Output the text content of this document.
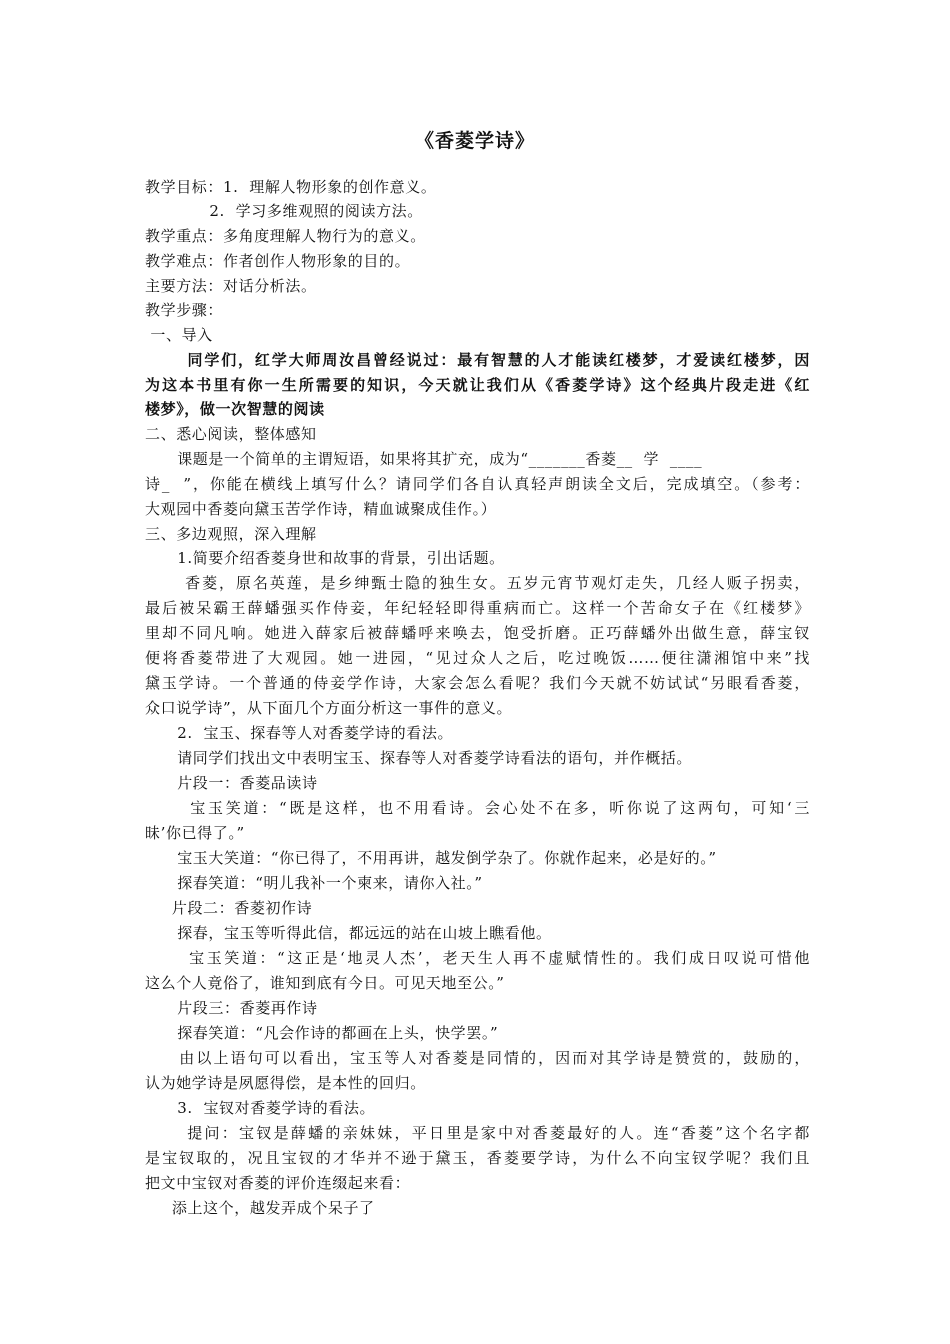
《香菱学诗》
教学目标：1.  理解人物形象的创作意义。
2.  学习多维观照的阅读方法。
教学重点：多角度理解人物行为的意义。
教学难点：作者创作人物形象的目的。
主要方法：对话分析法。
教学步骤：
一、导入
同学们，红学大师周汝昌曾经说过：最有智慧的人才能读红楼梦，才爱读红楼梦，因
为这本书里有你一生所需要的知识，今天就让我们从《香菱学诗》这个经典片段走进《红
楼梦》，做一次智慧的阅读
二、悉心阅读，整体感知
课题是一个简单的主谓短语，如果将其扩充，成为“_______香菱__  学  ____
诗_  ”，你能在横线上填写什么？请同学们各自认真轻声朗读全文后，完成填空。（参考：
大观园中香菱向黛玉苦学作诗，精血诚聚成佳作。）
三、多边观照，深入理解
1.简要介绍香菱身世和故事的背景，引出话题。
香菱，原名英莲，是乡绅甄士隐的独生女。五岁元宵节观灯走失，几经人贩子拐卖，
最后被呆霸王薛蟠强买作侍妾，年纪轻轻即得重病而亡。这样一个苦命女子在《红楼梦》
里却不同凡响。她进入薛家后被薛蟠呼来唤去，饱受折磨。正巧薛蟠外出做生意，薛宝钗
便将香菱带进了大观园。她一进园，“见过众人之后，吃过晚饭……便往潇湘馆中来”找
黛玉学诗。一个普通的侍妾学作诗，大家会怎么看呢？我们今天就不妨试试“另眼看香菱，
众口说学诗”，从下面几个方面分析这一事件的意义。
2.  宝玉、探春等人对香菱学诗的看法。
请同学们找出文中表明宝玉、探春等人对香菱学诗看法的语句，并作概括。
片段一：香菱品读诗
宝玉笑道：“既是这样，也不用看诗。会心处不在多，听你说了这两句，可知‘三
昧’你已得了。”
宝玉大笑道：“你已得了，不用再讲，越发倒学杂了。你就作起来，必是好的。”
探春笑道：“明儿我补一个柬来，请你入社。”
片段二：香菱初作诗
探春，宝玉等听得此信，都远远的站在山坡上瞧看他。
宝玉笑道：“这正是‘地灵人杰’，老天生人再不虚赋情性的。我们成日叹说可惜他
这么个人竟俗了，谁知到底有今日。可见天地至公。”
片段三：香菱再作诗
探春笑道：“凡会作诗的都画在上头，快学罢。”
由以上语句可以看出，宝玉等人对香菱是同情的，因而对其学诗是赞赏的，鼓励的，
认为她学诗是夙愿得偿，是本性的回归。
3.  宝钗对香菱学诗的看法。
提问：宝钗是薛蟠的亲妹妹，平日里是家中对香菱最好的人。连“香菱”这个名字都
是宝钗取的，况且宝钗的才华并不逊于黛玉，香菱要学诗，为什么不向宝钗学呢？我们且
把文中宝钗对香菱的评价连缀起来看：
添上这个，越发弄成个呆子了
